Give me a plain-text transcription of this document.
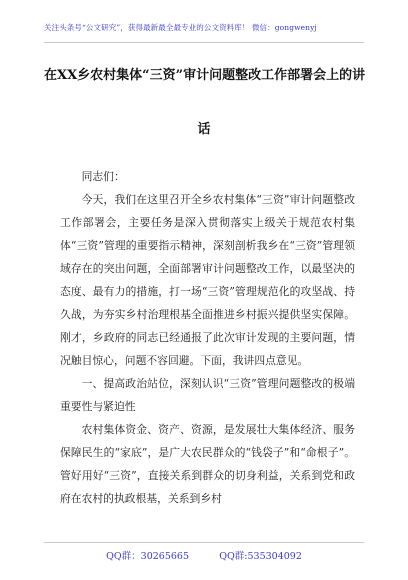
关注头条号“公文研究”，获得最新最全最专业的公文资料库！ 微信：gongwenyj
在XX乡农村集体“三资”审计问题整改工作部署会上的讲
话

同志们：

今天，我们在这里召开全乡农村集体“三资”审计问题整改工作部署会，主要任务是深入贯彻落实上级关于规范农村集体“三资”管理的重要指示精神，深刻剖析我乡在“三资”管理领域存在的突出问题，全面部署审计问题整改工作，以最坚决的态度、最有力的措施，打一场“三资”管理规范化的攻坚战、持久战，为夯实乡村治理根基全面推进乡村振兴提供坚实保障。刚才，乡政府的同志已经通报了此次审计发现的主要问题，情况触目惊心，问题不容回避。下面，我讲四点意见。

一、提高政治站位，深刻认识“三资”管理问题整改的极端重要性与紧迫性

农村集体资金、资产、资源，是发展壮大集体经济、服务保障民生的“家底”，是广大农民群众的“钱袋子”和“命根子”。管好用好“三资”，直接关系到群众的切身利益，关系到党和政府在农村的执政根基，关系到乡村

QQ群：30265665	QQ群:535304092
